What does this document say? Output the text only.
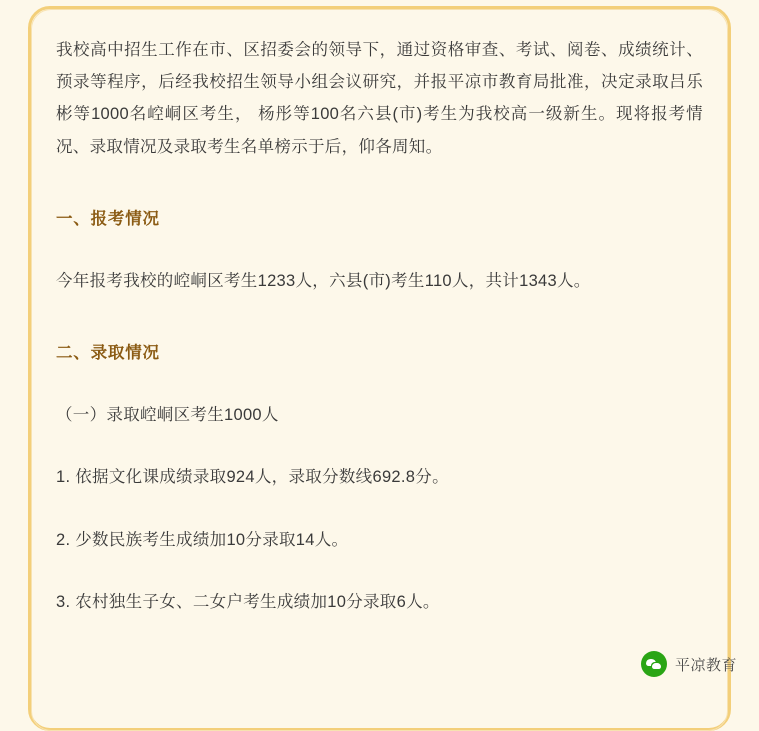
我校高中招生工作在市、区招委会的领导下，通过资格审查、考试、阅卷、成绩统计、预录等程序，后经我校招生领导小组会议研究，并报平凉市教育局批准，决定录取吕乐彬等1000名崆峒区考生， 杨彤等100名六县(市)考生为我校高一级新生。现将报考情况、录取情况及录取考生名单榜示于后，仰各周知。

一、报考情况

今年报考我校的崆峒区考生1233人，六县(市)考生110人，共计1343人。

二、录取情况

（一）录取崆峒区考生1000人

1. 依据文化课成绩录取924人，录取分数线692.8分。

2. 少数民族考生成绩加10分录取14人。

3. 农村独生子女、二女户考生成绩加10分录取6人。

平凉教育
